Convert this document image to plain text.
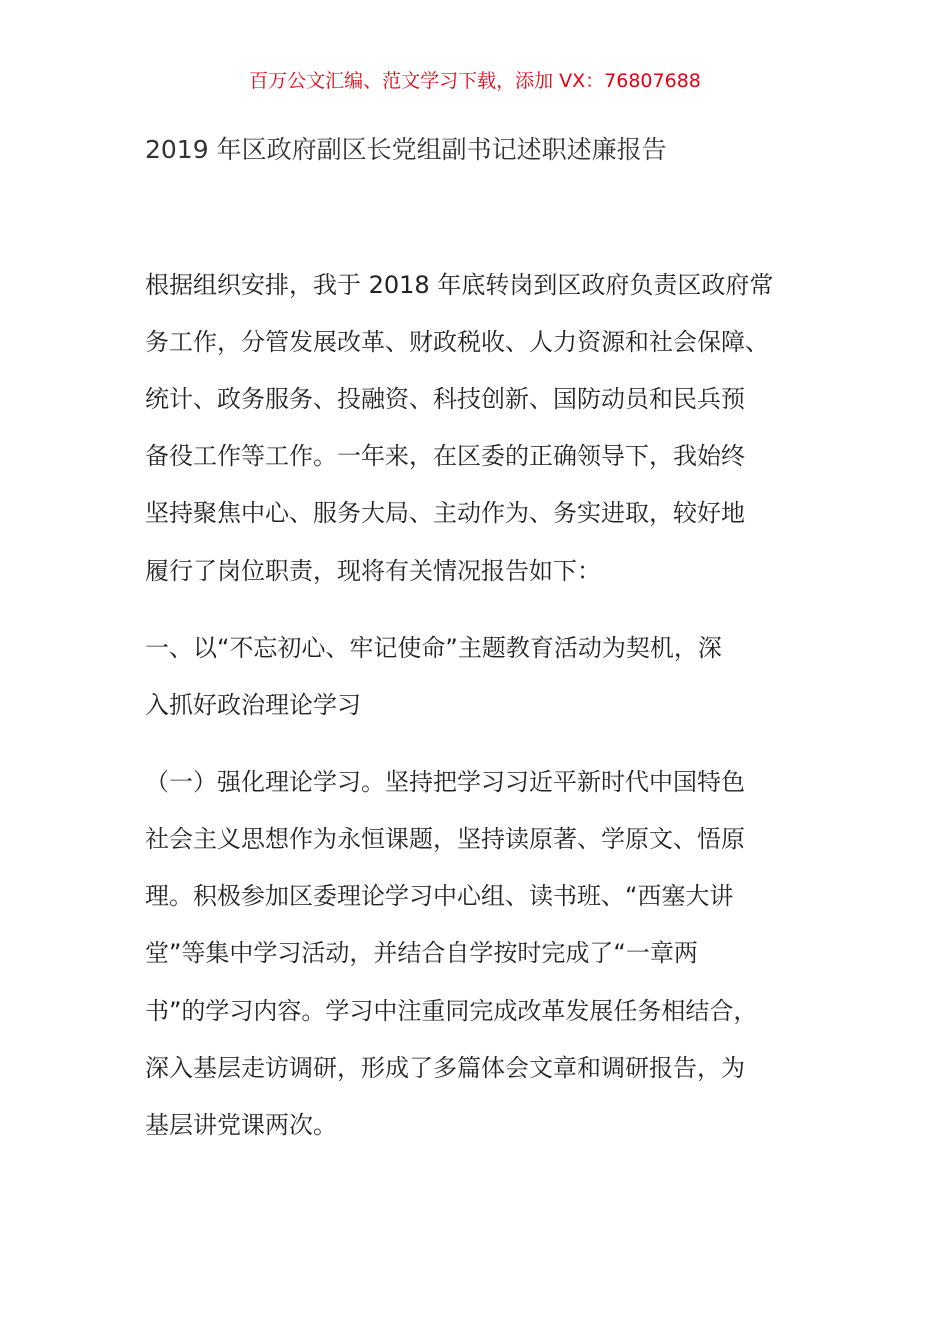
百万公文汇编、范文学习下载，添加 VX：76807688
2019 年区政府副区长党组副书记述职述廉报告
根据组织安排，我于 2018 年底转岗到区政府负责区政府常
务工作，分管发展改革、财政税收、人力资源和社会保障、
统计、政务服务、投融资、科技创新、国防动员和民兵预
备役工作等工作。一年来，在区委的正确领导下，我始终
坚持聚焦中心、服务大局、主动作为、务实进取，较好地
履行了岗位职责，现将有关情况报告如下：
一、以“不忘初心、牢记使命”主题教育活动为契机，深
入抓好政治理论学习
（一）强化理论学习。坚持把学习习近平新时代中国特色
社会主义思想作为永恒课题，坚持读原著、学原文、悟原
理。积极参加区委理论学习中心组、读书班、“西塞大讲
堂”等集中学习活动，并结合自学按时完成了“一章两
书”的学习内容。学习中注重同完成改革发展任务相结合，
深入基层走访调研，形成了多篇体会文章和调研报告，为
基层讲党课两次。
